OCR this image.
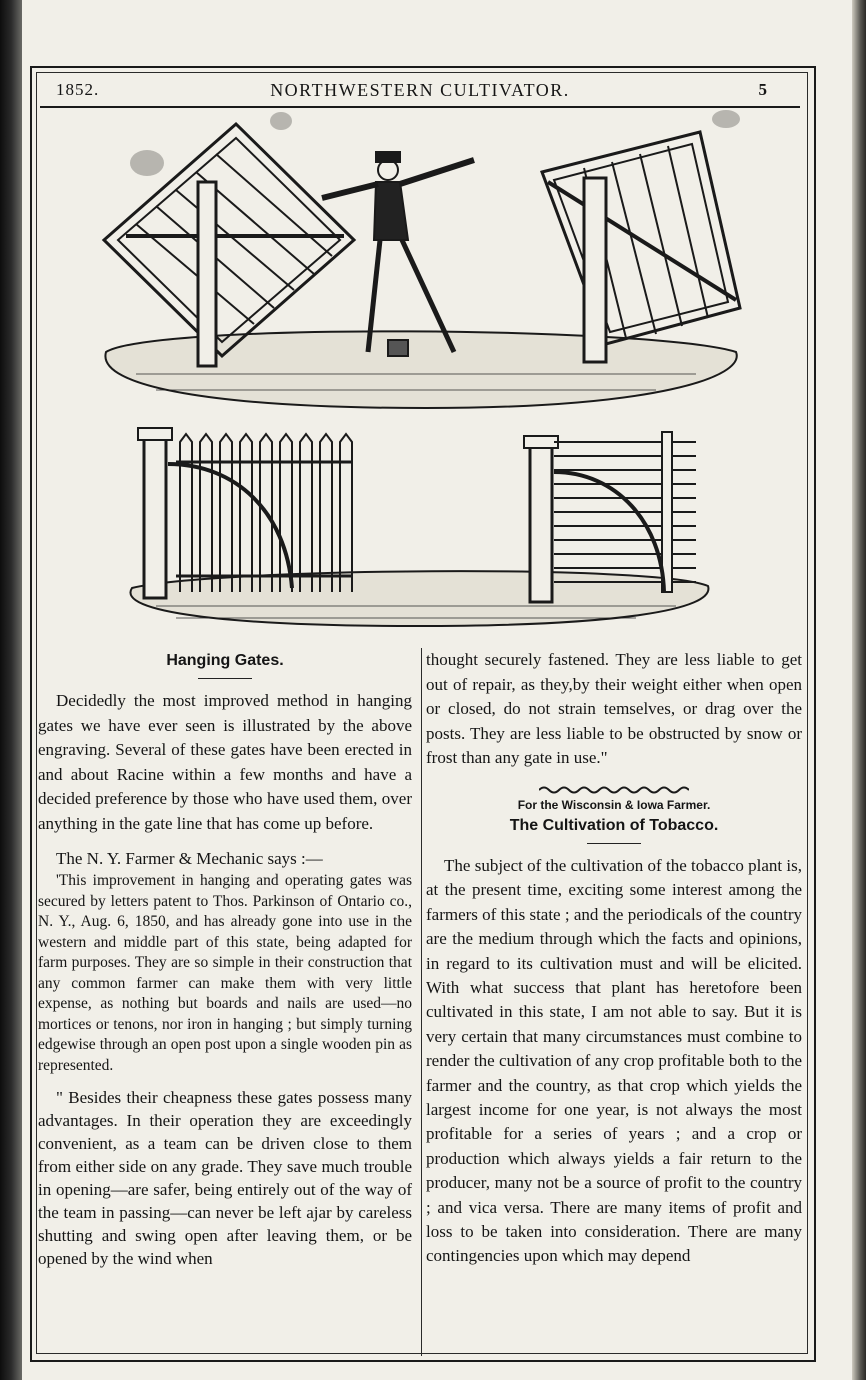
1852.	NORTHWESTERN CULTIVATOR.	5

Hanging Gates.

Decidedly the most improved method in hanging gates we have ever seen is illustrated by the above engraving. Several of these gates have been erected in and about Racine within a few months and have a decided preference by those who have used them, over anything in the gate line that has come up before.

The N. Y. Farmer & Mechanic says :—

'This improvement in hanging and operating gates was secured by letters patent to Thos. Parkinson of Ontario co., N. Y., Aug. 6, 1850, and has already gone into use in the western and middle part of this state, being adapted for farm purposes. They are so simple in their construction that any common farmer can make them with very little expense, as nothing but boards and nails are used—no mortices or tenons, nor iron in hanging ; but simply turning edgewise through an open post upon a single wooden pin as represented.

" Besides their cheapness these gates possess many advantages. In their operation they are exceedingly convenient, as a team can be driven close to them from either side on any grade. They save much trouble in opening—are safer, being entirely out of the way of the team in passing—can never be left ajar by careless shutting and swing open after leaving them, or be opened by the wind when

thought securely fastened. They are less liable to get out of repair, as they,by their weight either when open or closed, do not strain temselves, or drag over the posts. They are less liable to be obstructed by snow or frost than any gate in use."

For the Wisconsin & Iowa Farmer.

The Cultivation of Tobacco.

The subject of the cultivation of the tobacco plant is, at the present time, exciting some interest among the farmers of this state ; and the periodicals of the country are the medium through which the facts and opinions, in regard to its cultivation must and will be elicited. With what success that plant has heretofore been cultivated in this state, I am not able to say. But it is very certain that many circumstances must combine to render the cultivation of any crop profitable both to the farmer and the country, as that crop which yields the largest income for one year, is not always the most profitable for a series of years ; and a crop or production which always yields a fair return to the producer, many not be a source of profit to the country ; and vica versa. There are many items of profit and loss to be taken into consideration. There are many contingencies upon which may depend
